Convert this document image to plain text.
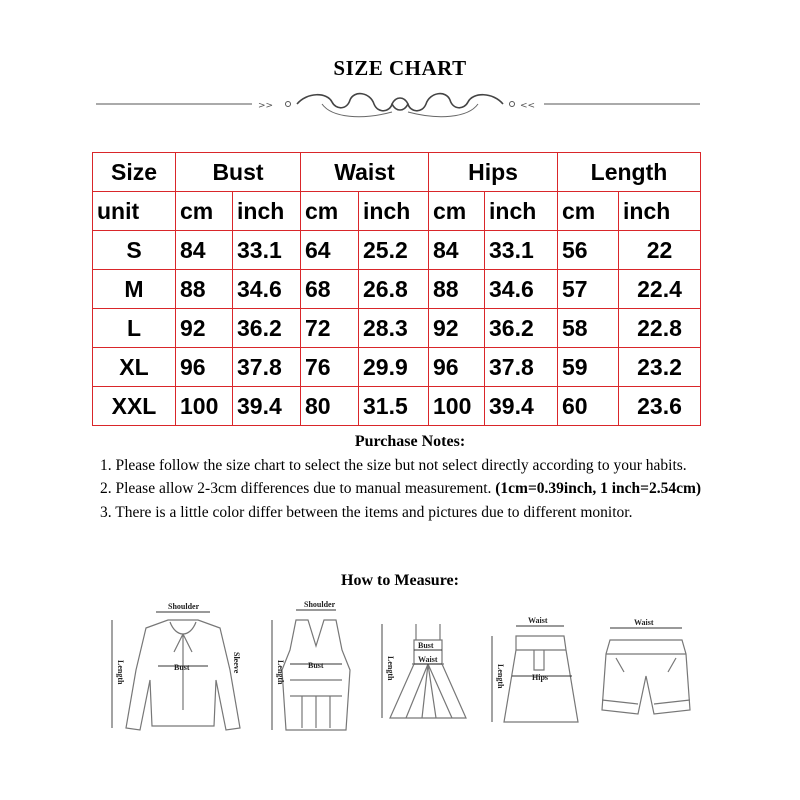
SIZE CHART
>>	<<
Size	Bust		Waist		Hips		Length	
unit	cm	inch	cm	inch	cm	inch	cm	inch
S	84	33.1	64	25.2	84	33.1	56	22
M	88	34.6	68	26.8	88	34.6	57	22.4
L	92	36.2	72	28.3	92	36.2	58	22.8
XL	96	37.8	76	29.9	96	37.8	59	23.2
XXL	100	39.4	80	31.5	100	39.4	60	23.6

Purchase Notes:

1. Please follow the size chart to select the size but not select directly according to your habits.

2. Please allow 2-3cm differences due to manual measurement. (1cm=0.39inch, 1 inch=2.54cm)

3. There is a little color differ between the items and pictures due to different monitor.

How to Measure:
Shoulder
Bust
Length	Sleeve
Shoulder
Bust
Length
Bust
Waist
Length
Waist
Hips
Length
Waist
